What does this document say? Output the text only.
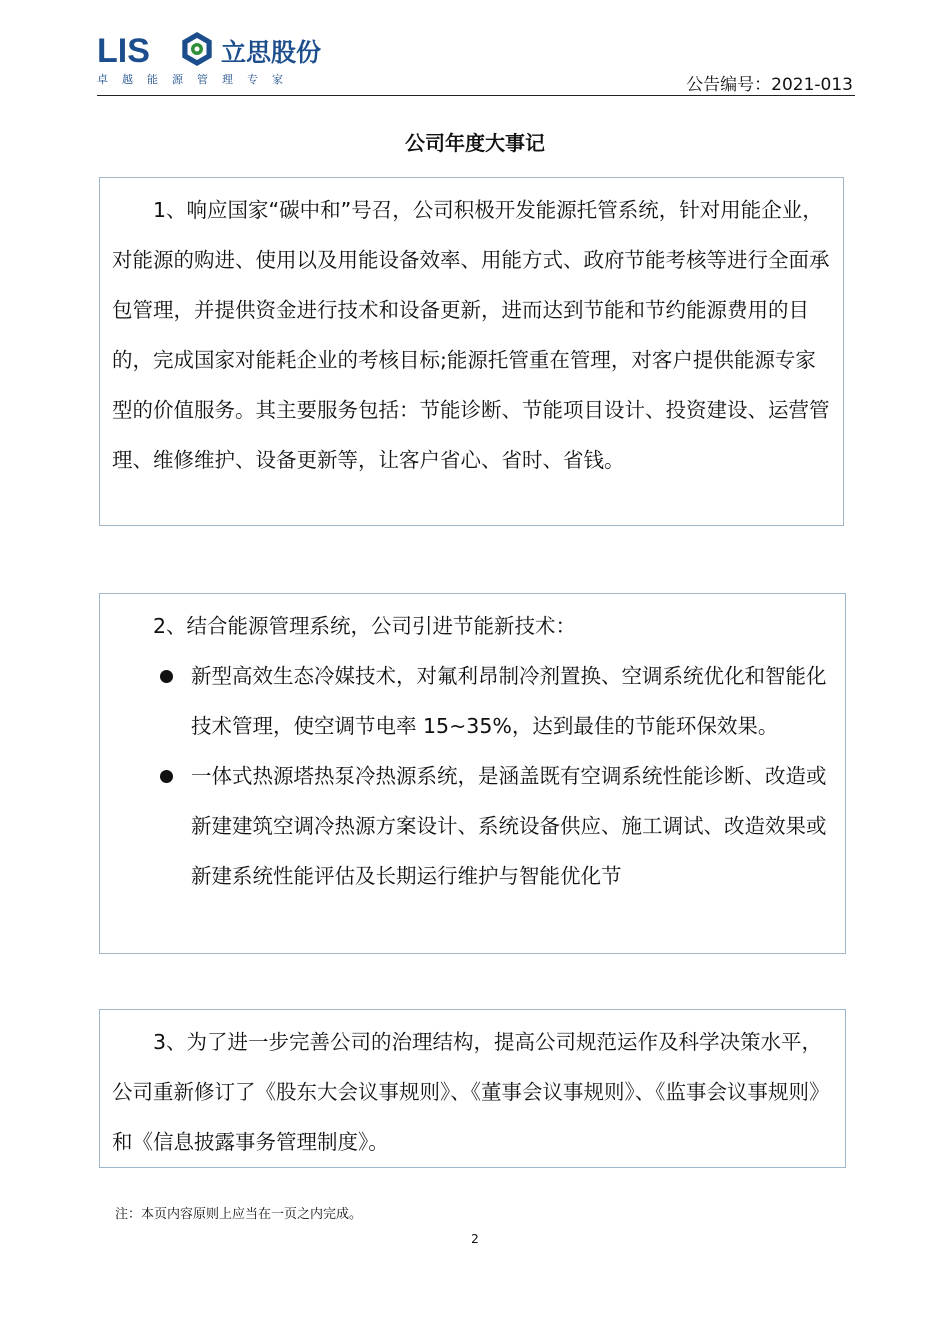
LIS	立思股份
卓越能源管理专家	公告编号：2021-013
公司年度大事记

1、响应国家“碳中和”号召，公司积极开发能源托管系统，针对用能企业，对能源的购进、使用以及用能设备效率、用能方式、政府节能考核等进行全面承包管理，并提供资金进行技术和设备更新，进而达到节能和节约能源费用的目的，完成国家对能耗企业的考核目标;能源托管重在管理，对客户提供能源专家型的价值服务。其主要服务包括：节能诊断、节能项目设计、投资建设、运营管理、维修维护、设备更新等，让客户省心、省时、省钱。

2、结合能源管理系统，公司引进节能新技术：

新型高效生态冷媒技术，对氟利昂制冷剂置换、空调系统优化和智能化技术管理，使空调节电率 15~35%，达到最佳的节能环保效果。

一体式热源塔热泵冷热源系统，是涵盖既有空调系统性能诊断、改造或新建建筑空调冷热源方案设计、系统设备供应、施工调试、改造效果或新建系统性能评估及长期运行维护与智能优化节

3、为了进一步完善公司的治理结构，提高公司规范运作及科学决策水平，公司重新修订了《股东大会议事规则》、《董事会议事规则》、《监事会议事规则》和《信息披露事务管理制度》。

注：本页内容原则上应当在一页之内完成。
2
